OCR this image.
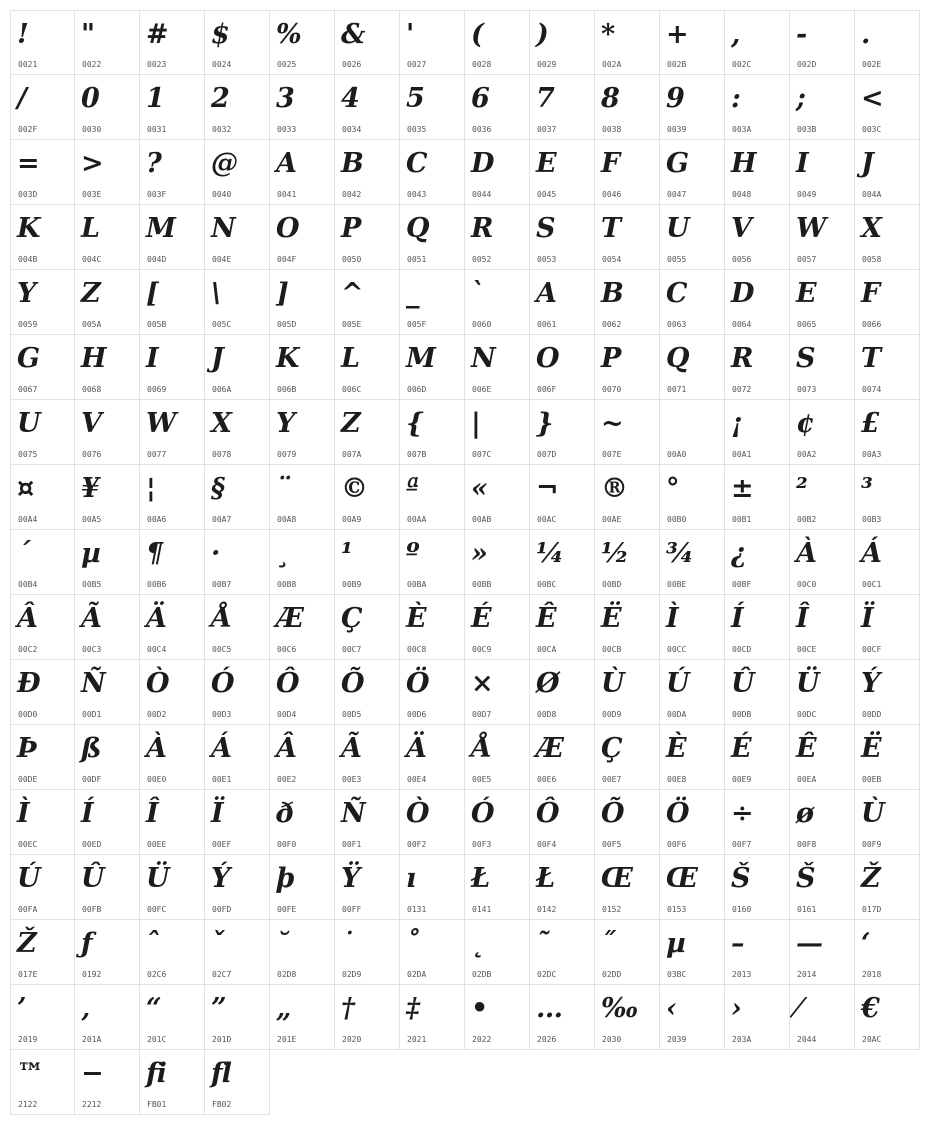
!
0021
"
0022
#
0023
$
0024
%
0025
&
0026
'
0027
(
0028
)
0029
*
002A
+
002B
,
002C
-
002D
.
002E
/
002F
0
0030
1
0031
2
0032
3
0033
4
0034
5
0035
6
0036
7
0037
8
0038
9
0039
:
003A
;
003B
<
003C
=
003D
>
003E
?
003F
@
0040
A
0041
B
0042
C
0043
D
0044
E
0045
F
0046
G
0047
H
0048
I
0049
J
004A
K
004B
L
004C
M
004D
N
004E
O
004F
P
0050
Q
0051
R
0052
S
0053
T
0054
U
0055
V
0056
W
0057
X
0058
Y
0059
Z
005A
[
005B
\
005C
]
005D
^
005E
_
005F
`
0060
A
0061
B
0062
C
0063
D
0064
E
0065
F
0066
G
0067
H
0068
I
0069
J
006A
K
006B
L
006C
M
006D
N
006E
O
006F
P
0070
Q
0071
R
0072
S
0073
T
0074
U
0075
V
0076
W
0077
X
0078
Y
0079
Z
007A
{
007B
|
007C
}
007D
~
007E	00A0
¡
00A1
¢
00A2
£
00A3
¤
00A4
¥
00A5
¦
00A6
§
00A7
¨
00A8
©
00A9
ª
00AA
«
00AB
¬
00AC
®
00AE
°
00B0
±
00B1
²
00B2
³
00B3
´
00B4
µ
00B5
¶
00B6
·
00B7
¸
00B8
¹
00B9
º
00BA
»
00BB
¼
00BC
½
00BD
¾
00BE
¿
00BF
À
00C0
Á
00C1
Â
00C2
Ã
00C3
Ä
00C4
Å
00C5
Æ
00C6
Ç
00C7
È
00C8
É
00C9
Ê
00CA
Ë
00CB
Ì
00CC
Í
00CD
Î
00CE
Ï
00CF
Ð
00D0
Ñ
00D1
Ò
00D2
Ó
00D3
Ô
00D4
Õ
00D5
Ö
00D6
×
00D7
Ø
00D8
Ù
00D9
Ú
00DA
Û
00DB
Ü
00DC
Ý
00DD
Þ
00DE
ß
00DF
À
00E0
Á
00E1
Â
00E2
Ã
00E3
Ä
00E4
Å
00E5
Æ
00E6
Ç
00E7
È
00E8
É
00E9
Ê
00EA
Ë
00EB
Ì
00EC
Í
00ED
Î
00EE
Ï
00EF
ð
00F0
Ñ
00F1
Ò
00F2
Ó
00F3
Ô
00F4
Õ
00F5
Ö
00F6
÷
00F7
ø
00F8
Ù
00F9
Ú
00FA
Û
00FB
Ü
00FC
Ý
00FD
þ
00FE
Ÿ
00FF
ı
0131
Ł
0141
Ł
0142
Œ
0152
Œ
0153
Š
0160
Š
0161
Ž
017D
Ž
017E
ƒ
0192
ˆ
02C6
ˇ
02C7
˘
02D8
˙
02D9
˚
02DA
˛
02DB
˜
02DC
˝
02DD
µ
03BC
–
2013
—
2014
‘
2018
’
2019
‚
201A
“
201C
”
201D
„
201E
†
2020
‡
2021
•
2022
…
2026
‰
2030
‹
2039
›
203A
⁄
2044
€
20AC
™
2122
−
2212
fi
FB01
fl
FB02
